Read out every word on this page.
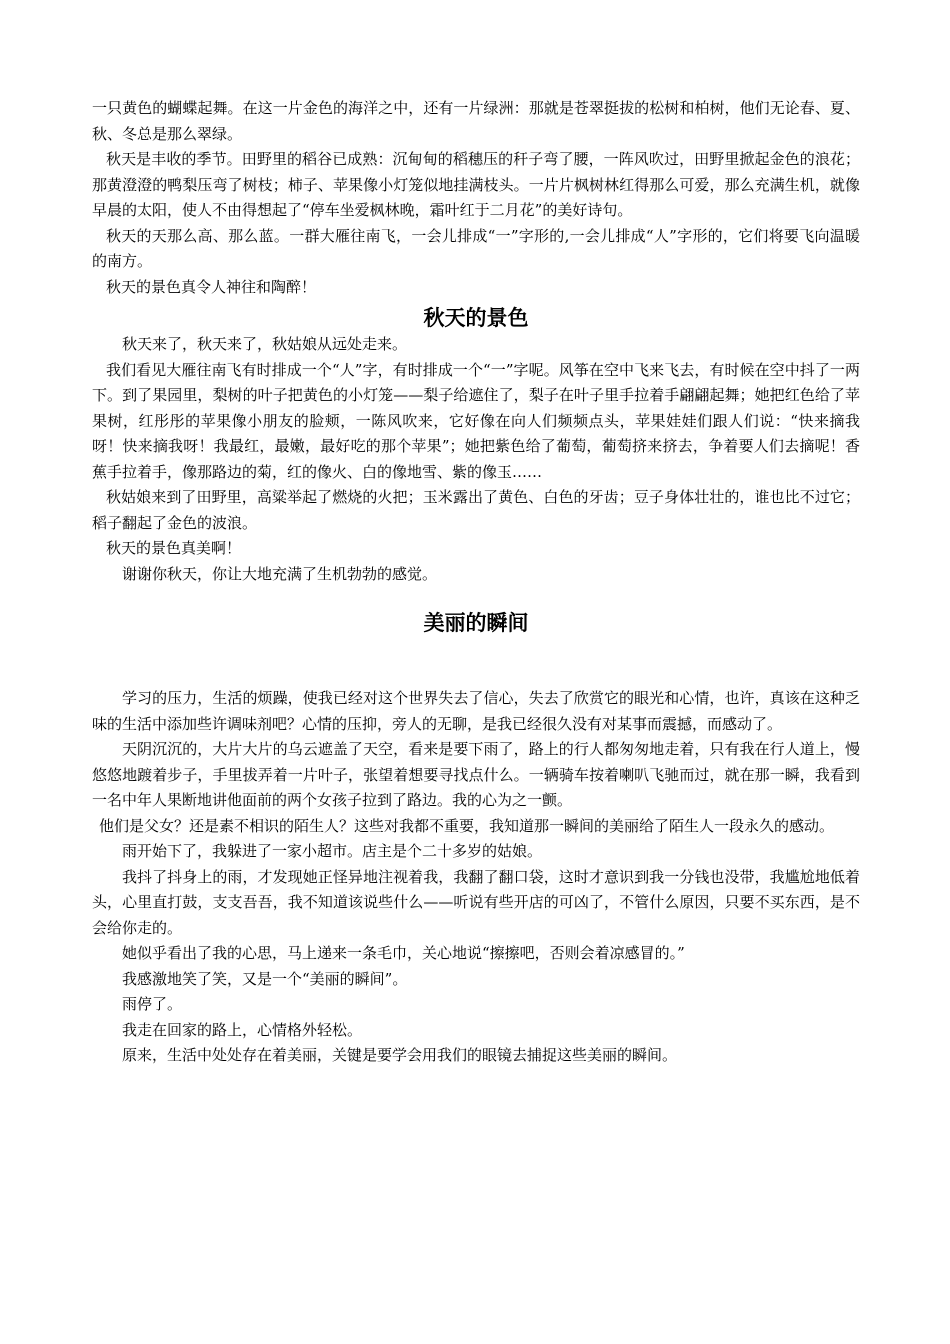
一只黄色的蝴蝶起舞。在这一片金色的海洋之中，还有一片绿洲：那就是苍翠挺拔的松树和柏树，他们无论春、夏、秋、冬总是那么翠绿。

秋天是丰收的季节。田野里的稻谷已成熟：沉甸甸的稻穗压的秆子弯了腰，一阵风吹过，田野里掀起金色的浪花；那黄澄澄的鸭梨压弯了树枝；柿子、苹果像小灯笼似地挂满枝头。一片片枫树林红得那么可爱，那么充满生机，就像早晨的太阳，使人不由得想起了“停车坐爱枫林晚，霜叶红于二月花”的美好诗句。

秋天的天那么高、那么蓝。一群大雁往南飞，一会儿排成“一”字形的,一会儿排成“人”字形的，它们将要飞向温暖的南方。

秋天的景色真令人神往和陶醉！

秋天的景色

秋天来了，秋天来了，秋姑娘从远处走来。

我们看见大雁往南飞有时排成一个“人”字，有时排成一个“一”字呢。风筝在空中飞来飞去，有时候在空中抖了一两下。到了果园里，梨树的叶子把黄色的小灯笼——梨子给遮住了，梨子在叶子里手拉着手翩翩起舞；她把红色给了苹果树，红彤彤的苹果像小朋友的脸颊，一陈风吹来，它好像在向人们频频点头，苹果娃娃们跟人们说：“快来摘我呀！快来摘我呀！我最红，最嫩，最好吃的那个苹果”；她把紫色给了葡萄，葡萄挤来挤去，争着要人们去摘呢！香蕉手拉着手，像那路边的菊，红的像火、白的像地雪、紫的像玉……

秋姑娘来到了田野里，高粱举起了燃烧的火把；玉米露出了黄色、白色的牙齿；豆子身体壮壮的，谁也比不过它；稻子翻起了金色的波浪。

秋天的景色真美啊！

谢谢你秋天，你让大地充满了生机勃勃的感觉。

美丽的瞬间

学习的压力，生活的烦躁，使我已经对这个世界失去了信心，失去了欣赏它的眼光和心情，也许，真该在这种乏味的生活中添加些许调味剂吧？心情的压抑，旁人的无聊，是我已经很久没有对某事而震撼，而感动了。

天阴沉沉的，大片大片的乌云遮盖了天空，看来是要下雨了，路上的行人都匆匆地走着，只有我在行人道上，慢悠悠地踱着步子，手里拔弄着一片叶子，张望着想要寻找点什么。一辆骑车按着喇叭飞驰而过，就在那一瞬，我看到一名中年人果断地讲他面前的两个女孩子拉到了路边。我的心为之一颤。

他们是父女？还是素不相识的陌生人？这些对我都不重要，我知道那一瞬间的美丽给了陌生人一段永久的感动。

雨开始下了，我躲进了一家小超市。店主是个二十多岁的姑娘。

我抖了抖身上的雨，才发现她正怪异地注视着我，我翻了翻口袋，这时才意识到我一分钱也没带，我尴尬地低着头，心里直打鼓，支支吾吾，我不知道该说些什么——听说有些开店的可凶了，不管什么原因，只要不买东西，是不会给你走的。

她似乎看出了我的心思，马上递来一条毛巾，关心地说“擦擦吧，否则会着凉感冒的。”

我感激地笑了笑，又是一个“美丽的瞬间”。

雨停了。

我走在回家的路上，心情格外轻松。

原来，生活中处处存在着美丽，关键是要学会用我们的眼镜去捕捉这些美丽的瞬间。
